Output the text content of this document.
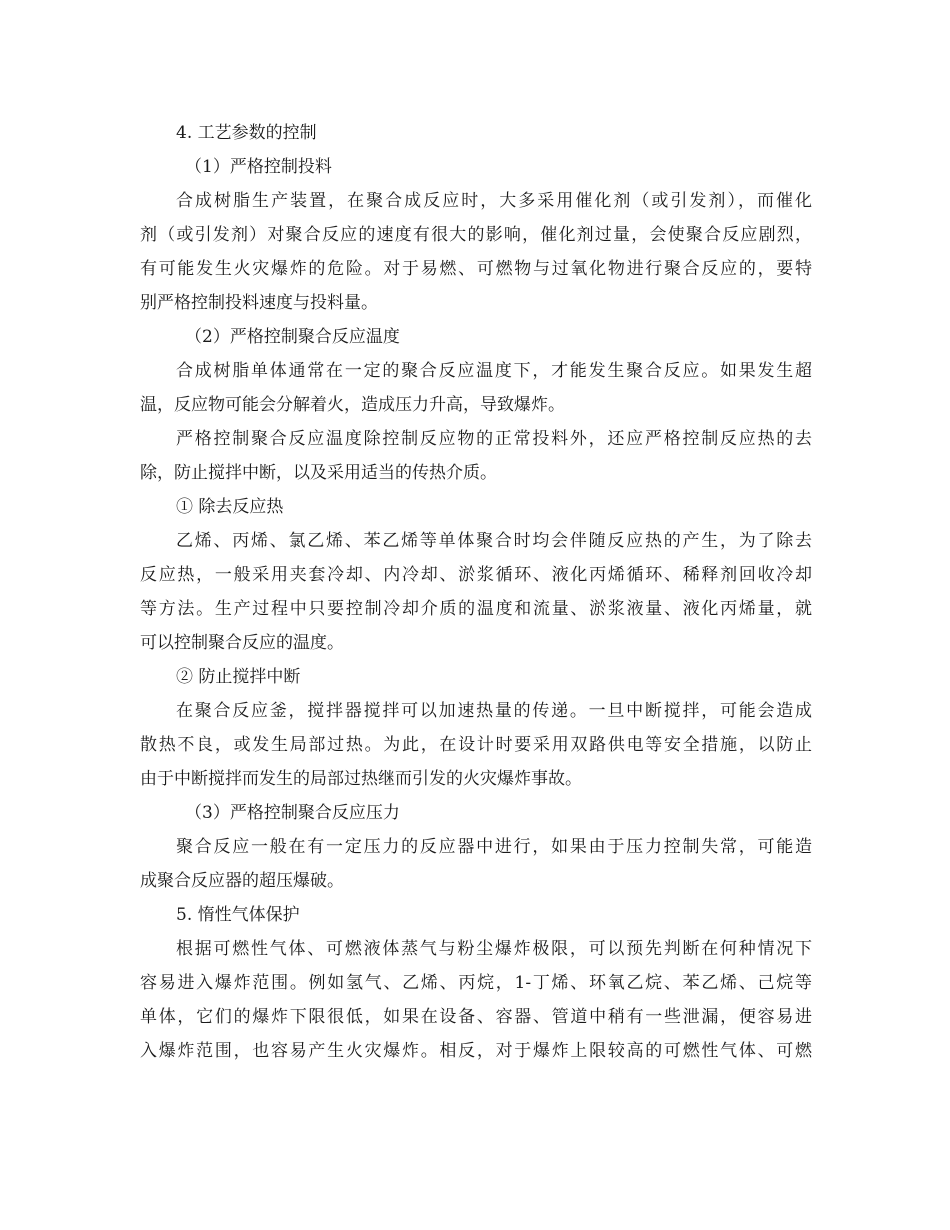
4. 工艺参数的控制
（1）严格控制投料
合成树脂生产装置，在聚合成反应时，大多采用催化剂（或引发剂），而催化
剂（或引发剂）对聚合反应的速度有很大的影响，催化剂过量，会使聚合反应剧烈，
有可能发生火灾爆炸的危险。对于易燃、可燃物与过氧化物进行聚合反应的，要特
别严格控制投料速度与投料量。
（2）严格控制聚合反应温度
合成树脂单体通常在一定的聚合反应温度下，才能发生聚合反应。如果发生超
温，反应物可能会分解着火，造成压力升高，导致爆炸。
严格控制聚合反应温度除控制反应物的正常投料外，还应严格控制反应热的去
除，防止搅拌中断，以及采用适当的传热介质。
① 除去反应热
乙烯、丙烯、氯乙烯、苯乙烯等单体聚合时均会伴随反应热的产生，为了除去
反应热，一般采用夹套冷却、内冷却、淤浆循环、液化丙烯循环、稀释剂回收冷却
等方法。生产过程中只要控制冷却介质的温度和流量、淤浆液量、液化丙烯量，就
可以控制聚合反应的温度。
② 防止搅拌中断
在聚合反应釜，搅拌器搅拌可以加速热量的传递。一旦中断搅拌，可能会造成
散热不良，或发生局部过热。为此，在设计时要采用双路供电等安全措施，以防止
由于中断搅拌而发生的局部过热继而引发的火灾爆炸事故。
（3）严格控制聚合反应压力
聚合反应一般在有一定压力的反应器中进行，如果由于压力控制失常，可能造
成聚合反应器的超压爆破。
5. 惰性气体保护
根据可燃性气体、可燃液体蒸气与粉尘爆炸极限，可以预先判断在何种情况下
容易进入爆炸范围。例如氢气、乙烯、丙烷，1-丁烯、环氧乙烷、苯乙烯、己烷等
单体，它们的爆炸下限很低，如果在设备、容器、管道中稍有一些泄漏，便容易进
入爆炸范围，也容易产生火灾爆炸。相反，对于爆炸上限较高的可燃性气体、可燃
